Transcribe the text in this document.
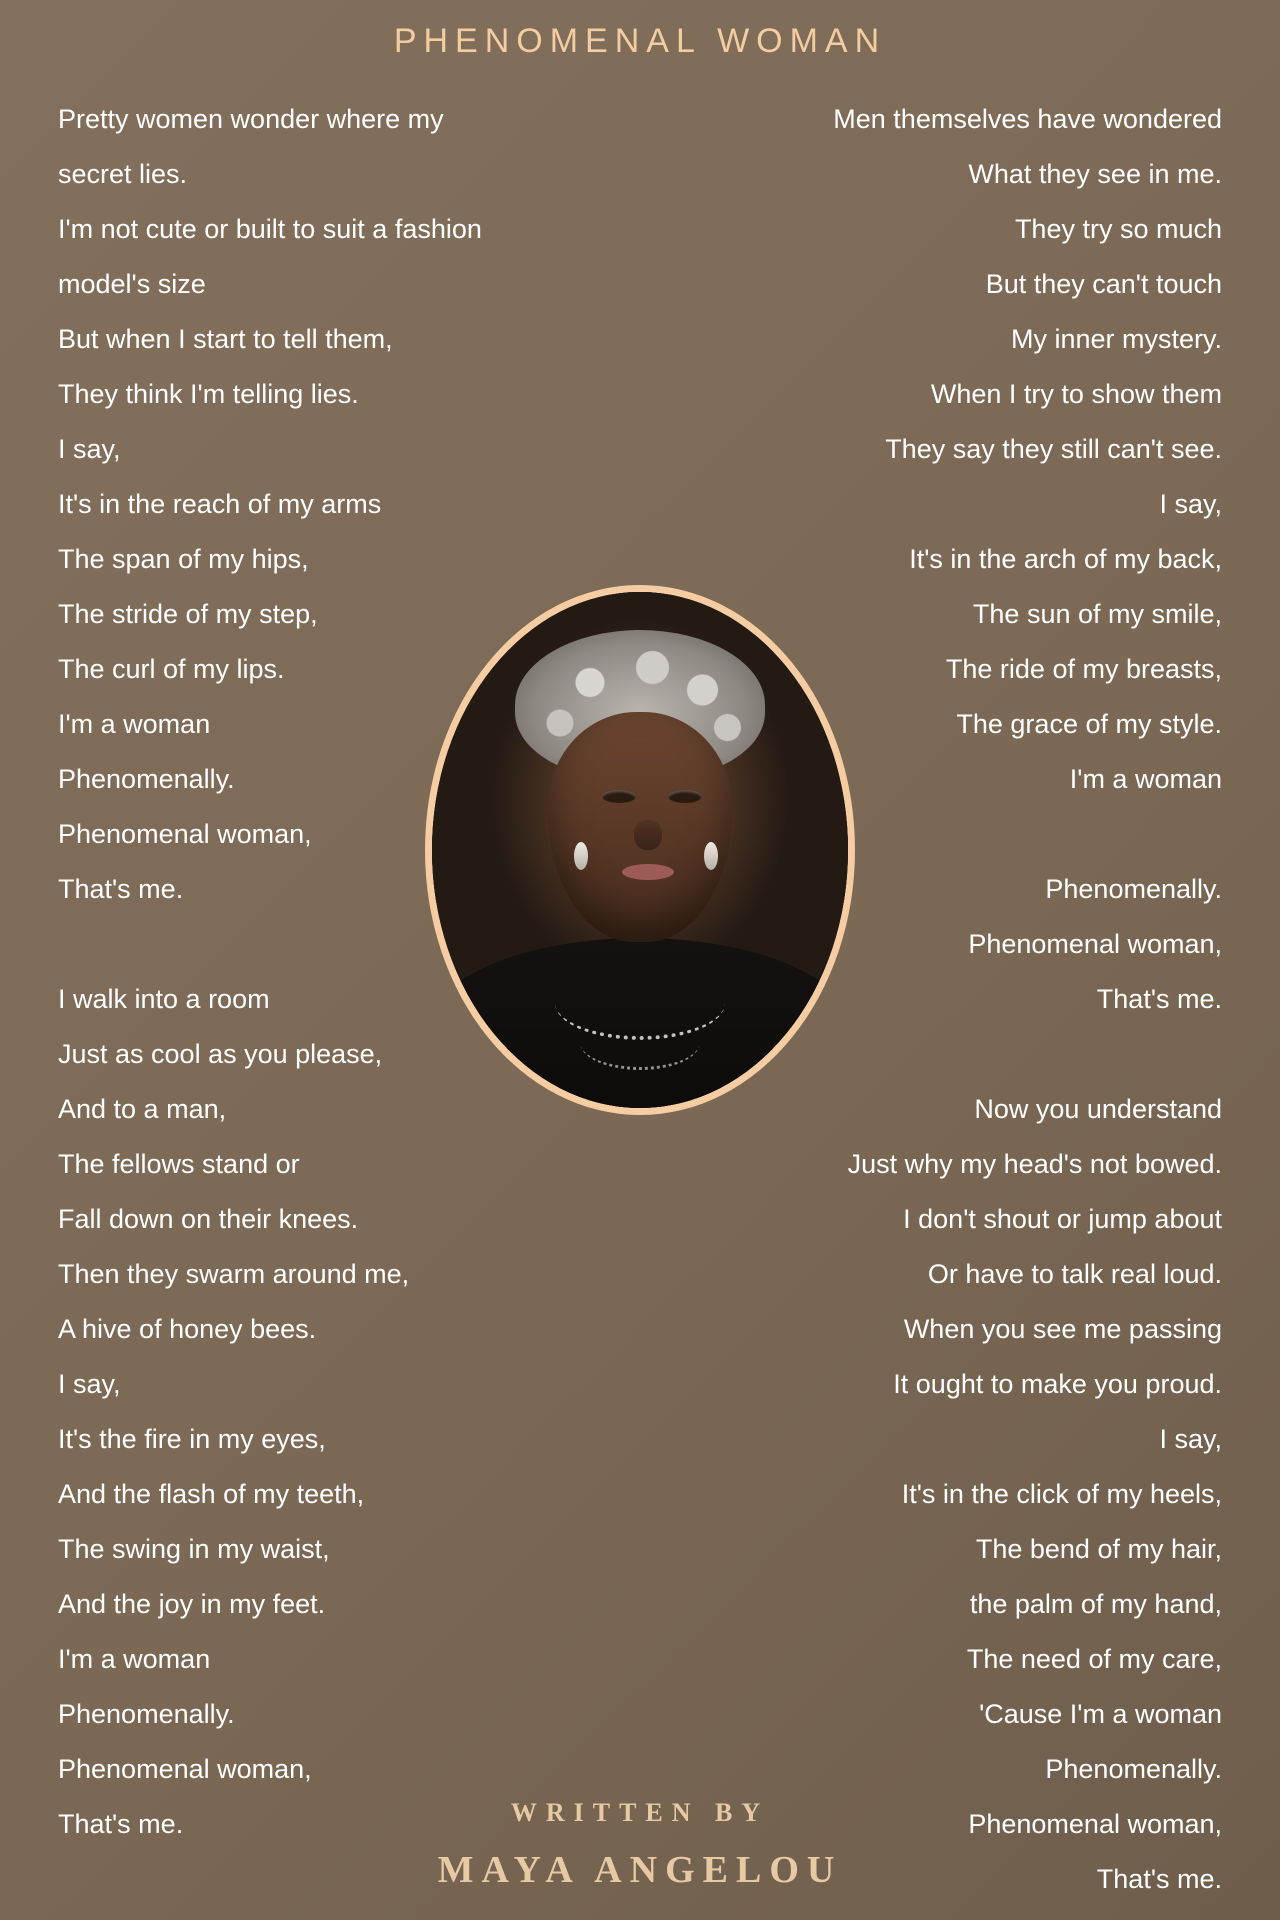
PHENOMENAL WOMAN
Pretty women wonder where my
secret lies.
I'm not cute or built to suit a fashion
model's size
But when I start to tell them,
They think I'm telling lies.
I say,
It's in the reach of my arms
The span of my hips,
The stride of my step,
The curl of my lips.
I'm a woman
Phenomenally.
Phenomenal woman,
That's me.
I walk into a room
Just as cool as you please,
And to a man,
The fellows stand or
Fall down on their knees.
Then they swarm around me,
A hive of honey bees.
I say,
It's the fire in my eyes,
And the flash of my teeth,
The swing in my waist,
And the joy in my feet.
I'm a woman
Phenomenally.
Phenomenal woman,
That's me.
Men themselves have wondered
What they see in me.
They try so much
But they can't touch
My inner mystery.
When I try to show them
They say they still can't see.
I say,
It's in the arch of my back,
The sun of my smile,
The ride of my breasts,
The grace of my style.
I'm a woman
Phenomenally.
Phenomenal woman,
That's me.
Now you understand
Just why my head's not bowed.
I don't shout or jump about
Or have to talk real loud.
When you see me passing
It ought to make you proud.
I say,
It's in the click of my heels,
The bend of my hair,
the palm of my hand,
The need of my care,
'Cause I'm a woman
Phenomenally.
Phenomenal woman,
That's me.
WRITTEN BY
MAYA ANGELOU
